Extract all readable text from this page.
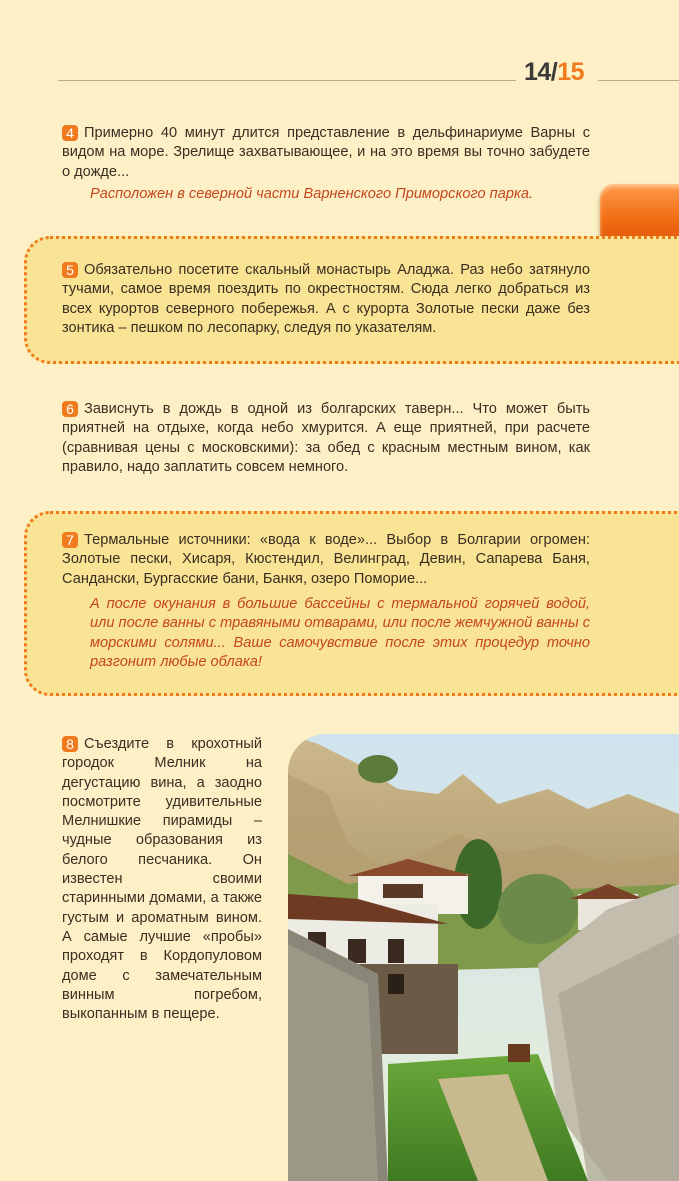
14/15
4 Примерно 40 минут длится представление в дельфинариуме Варны с видом на море. Зрелище захватывающее, и на это время вы точно забудете о дожде...
Расположен в северной части Варненского Приморского парка.
5 Обязательно посетите скальный монастырь Аладжа. Раз небо затянуло тучами, самое время поездить по окрестностям. Сюда легко добраться из всех курортов северного побережья. А с курорта Золотые пески даже без зонтика – пешком по лесопарку, следуя по указателям.
6 Зависнуть в дождь в одной из болгарских таверн... Что может быть приятней на отдыхе, когда небо хмурится. А еще приятней, при расчете (сравнивая цены с московскими): за обед с красным местным вином, как правило, надо заплатить совсем немного.
7 Термальные источники: «вода к воде»... Выбор в Болгарии огромен: Золотые пески, Хисаря, Кюстендил, Велинград, Девин, Сапарева Баня, Сандански, Бургасские бани, Банкя, озеро Поморие...
А после окунания в большие бассейны с термальной горячей водой, или после ванны с травяными отварами, или после жемчужной ванны с морскими солями... Ваше самочувствие после этих процедур точно разгонит любые облака!
8 Съездите в крохотный городок Мелник на дегустацию вина, а заодно посмотрите удивительные Мелнишкие пирамиды – чудные образования из белого песчаника. Он известен своими старинными домами, а также густым и ароматным вином. А самые лучшие «пробы» проходят в Кордопуловом доме с замечательным винным погребом, выкопанным в пещере.
